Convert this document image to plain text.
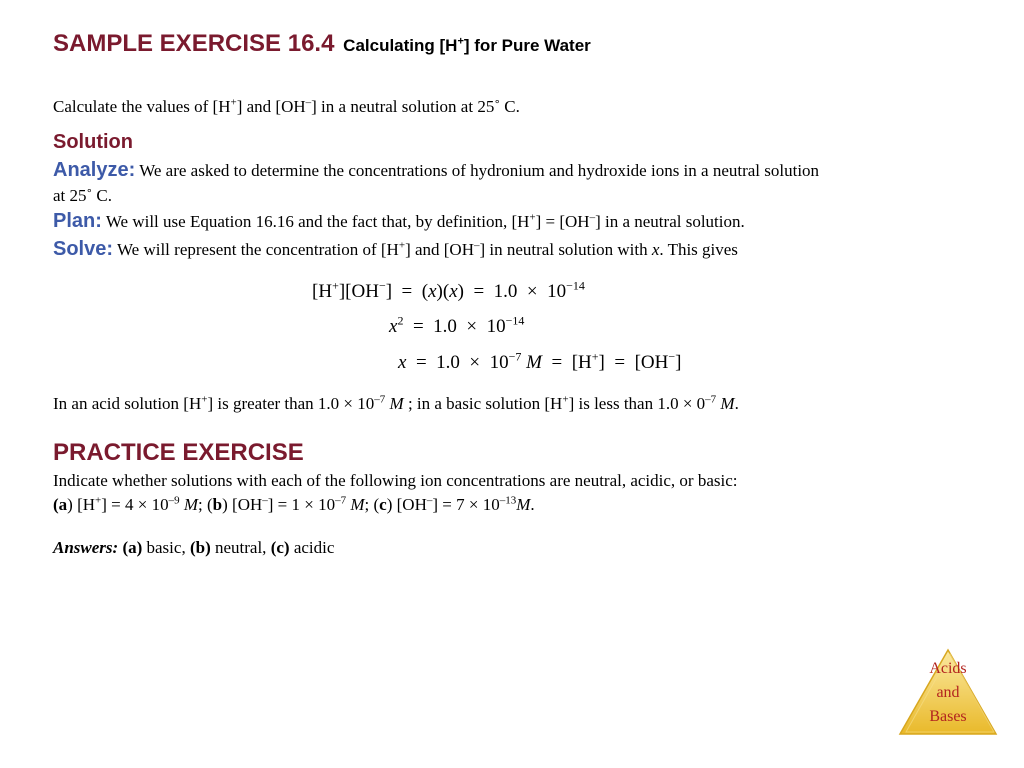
SAMPLE EXERCISE 16.4  Calculating [H+] for Pure Water
Calculate the values of [H+] and [OH–] in a neutral solution at 25˚ C.
Solution
Analyze: We are asked to determine the concentrations of hydronium and hydroxide ions in a neutral solution
at 25˚ C.
Plan: We will use Equation 16.16 and the fact that, by definition, [H+] = [OH–] in a neutral solution.
Solve: We will represent the concentration of [H+] and [OH–] in neutral solution with x. This gives
$[H^+][OH^-] = (x)(x) = 1.0 \times 10^{-14}$
$x^2 = 1.0 \times 10^{-14}$
$x = 1.0 \times 10^{-7}$ M  =  [H+]  =  [OH−]
In an acid solution [H+] is greater than $1.0 \times 10^{-7}$ M ; in a basic solution [H+] is less than $1.0 \times 0^{-7}$ M.
PRACTICE EXERCISE
Indicate whether solutions with each of the following ion concentrations are neutral, acidic, or basic:
(a) $[H^+] = 4 \times 10^{-9}$ M; (b) $[OH^-] = 1 \times 10^{-7}$ M; (c) $[OH^-] = 7 \times 10^{-13}M$.
Answers: (a) basic, (b) neutral, (c) acidic
Acids
and
Bases
